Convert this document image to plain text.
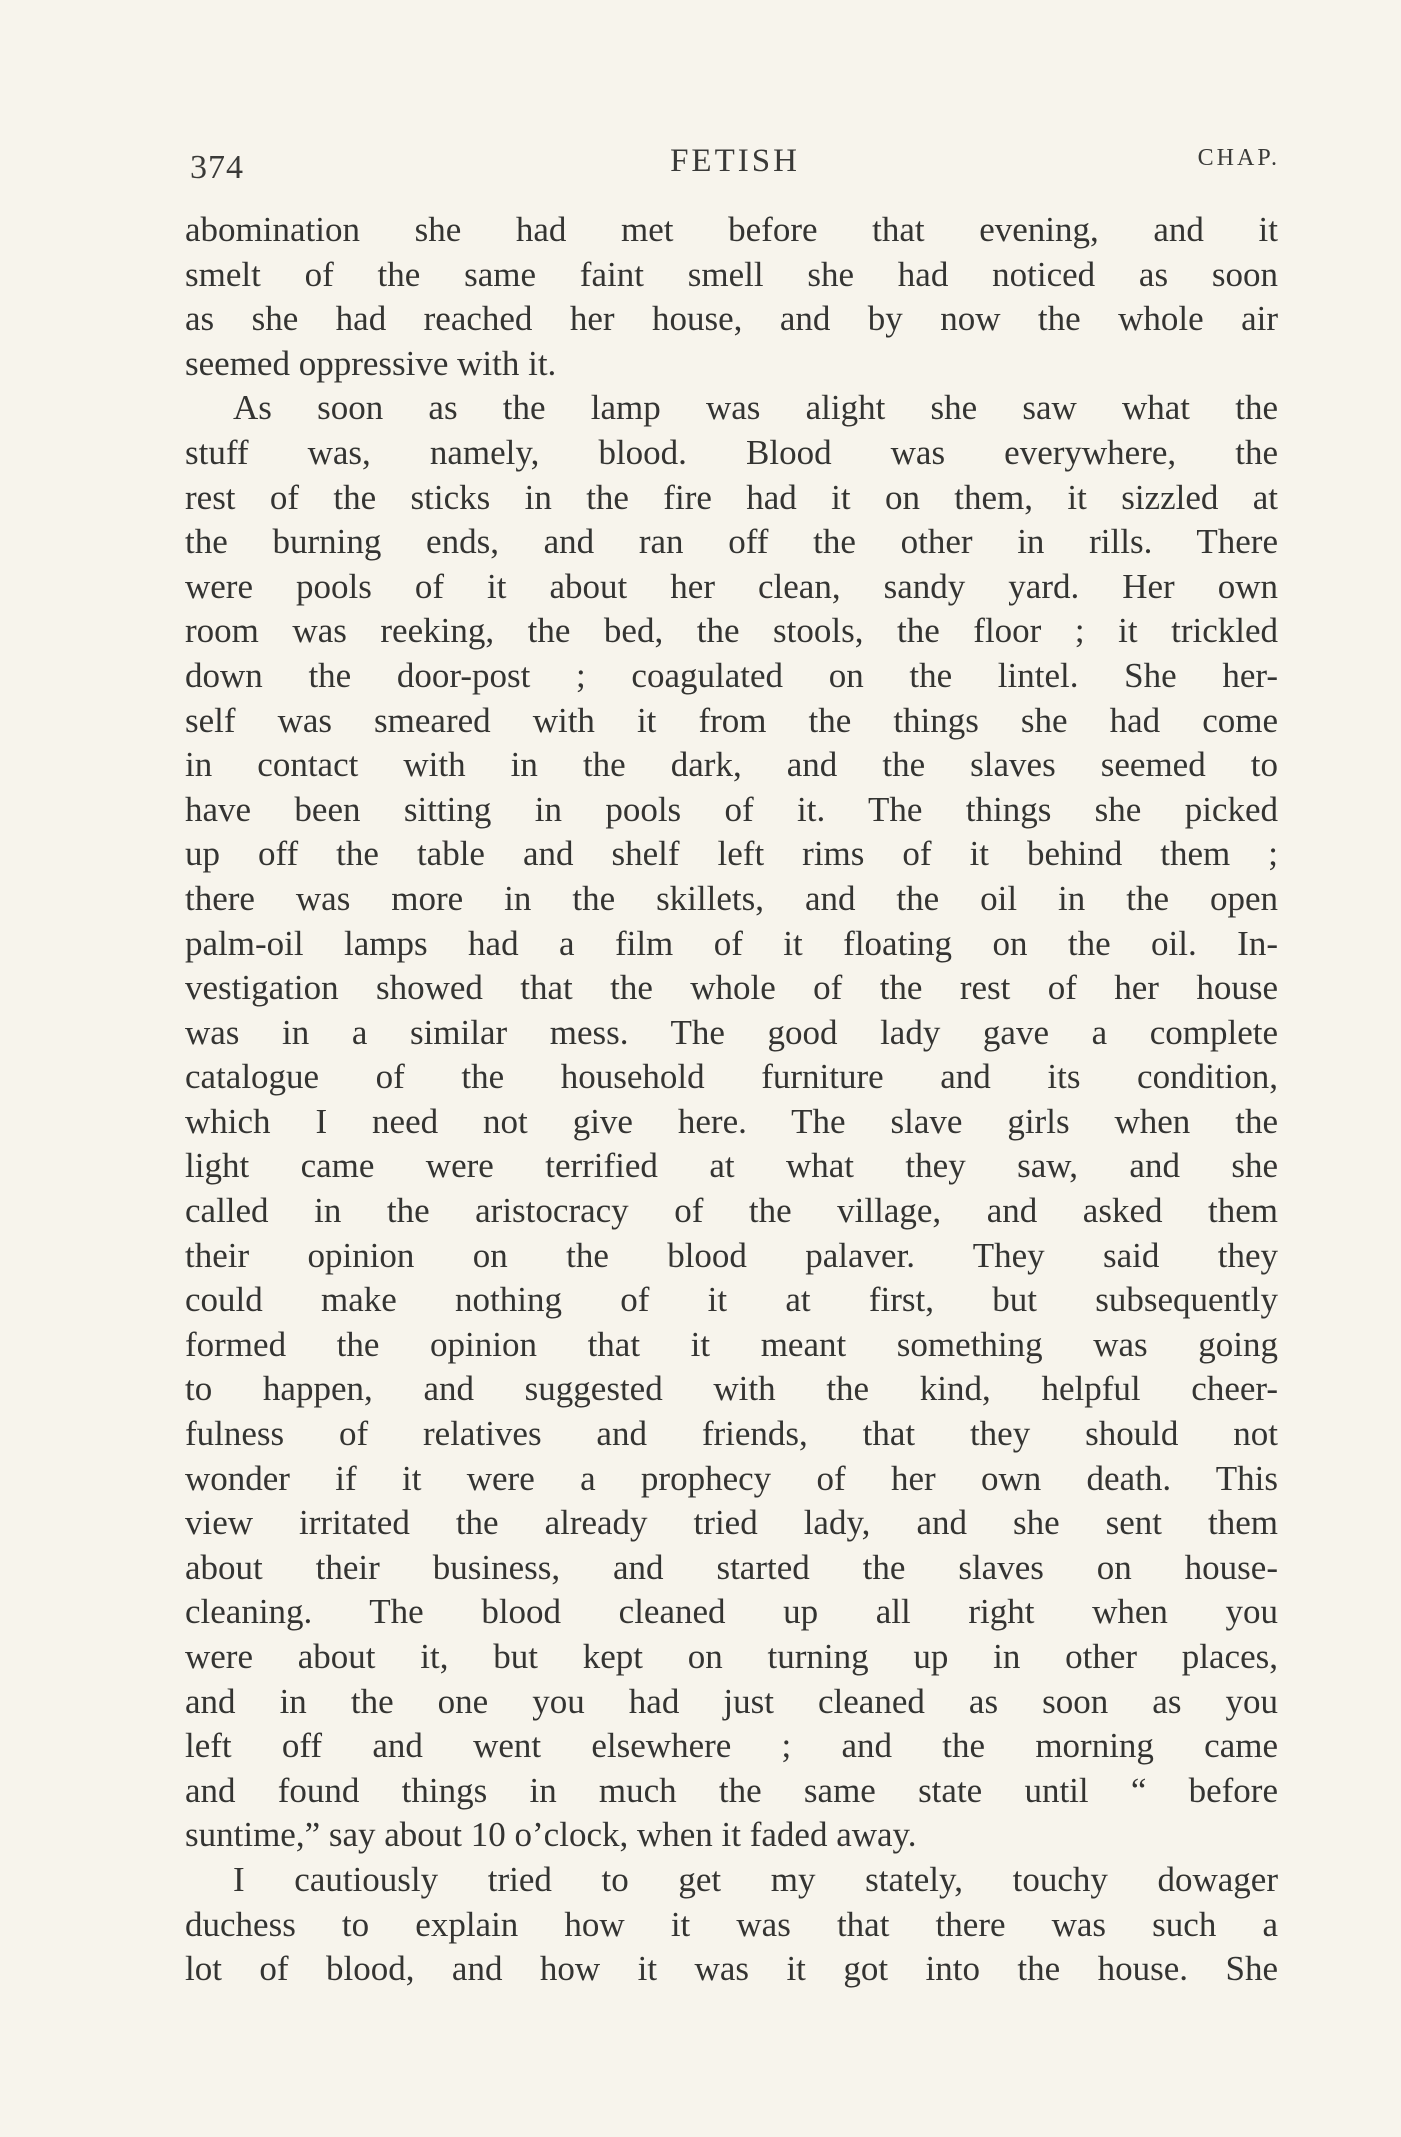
374	FETISH	CHAP.
abomination she had met before that evening, and it
smelt of the same faint smell she had noticed as soon
as she had reached her house, and by now the whole air
seemed oppressive with it.
As soon as the lamp was alight she saw what the
stuff was, namely, blood. Blood was everywhere, the
rest of the sticks in the fire had it on them, it sizzled at
the burning ends, and ran off the other in rills. There
were pools of it about her clean, sandy yard. Her own
room was reeking, the bed, the stools, the floor ; it trickled
down the door-post ; coagulated on the lintel. She her-
self was smeared with it from the things she had come
in contact with in the dark, and the slaves seemed to
have been sitting in pools of it. The things she picked
up off the table and shelf left rims of it behind them ;
there was more in the skillets, and the oil in the open
palm-oil lamps had a film of it floating on the oil. In-
vestigation showed that the whole of the rest of her house
was in a similar mess. The good lady gave a complete
catalogue of the household furniture and its condition,
which I need not give here. The slave girls when the
light came were terrified at what they saw, and she
called in the aristocracy of the village, and asked them
their opinion on the blood palaver. They said they
could make nothing of it at first, but subsequently
formed the opinion that it meant something was going
to happen, and suggested with the kind, helpful cheer-
fulness of relatives and friends, that they should not
wonder if it were a prophecy of her own death. This
view irritated the already tried lady, and she sent them
about their business, and started the slaves on house-
cleaning. The blood cleaned up all right when you
were about it, but kept on turning up in other places,
and in the one you had just cleaned as soon as you
left off and went elsewhere ; and the morning came
and found things in much the same state until “ before
suntime,” say about 10 o’clock, when it faded away.
I cautiously tried to get my stately, touchy dowager
duchess to explain how it was that there was such a
lot of blood, and how it was it got into the house. She
